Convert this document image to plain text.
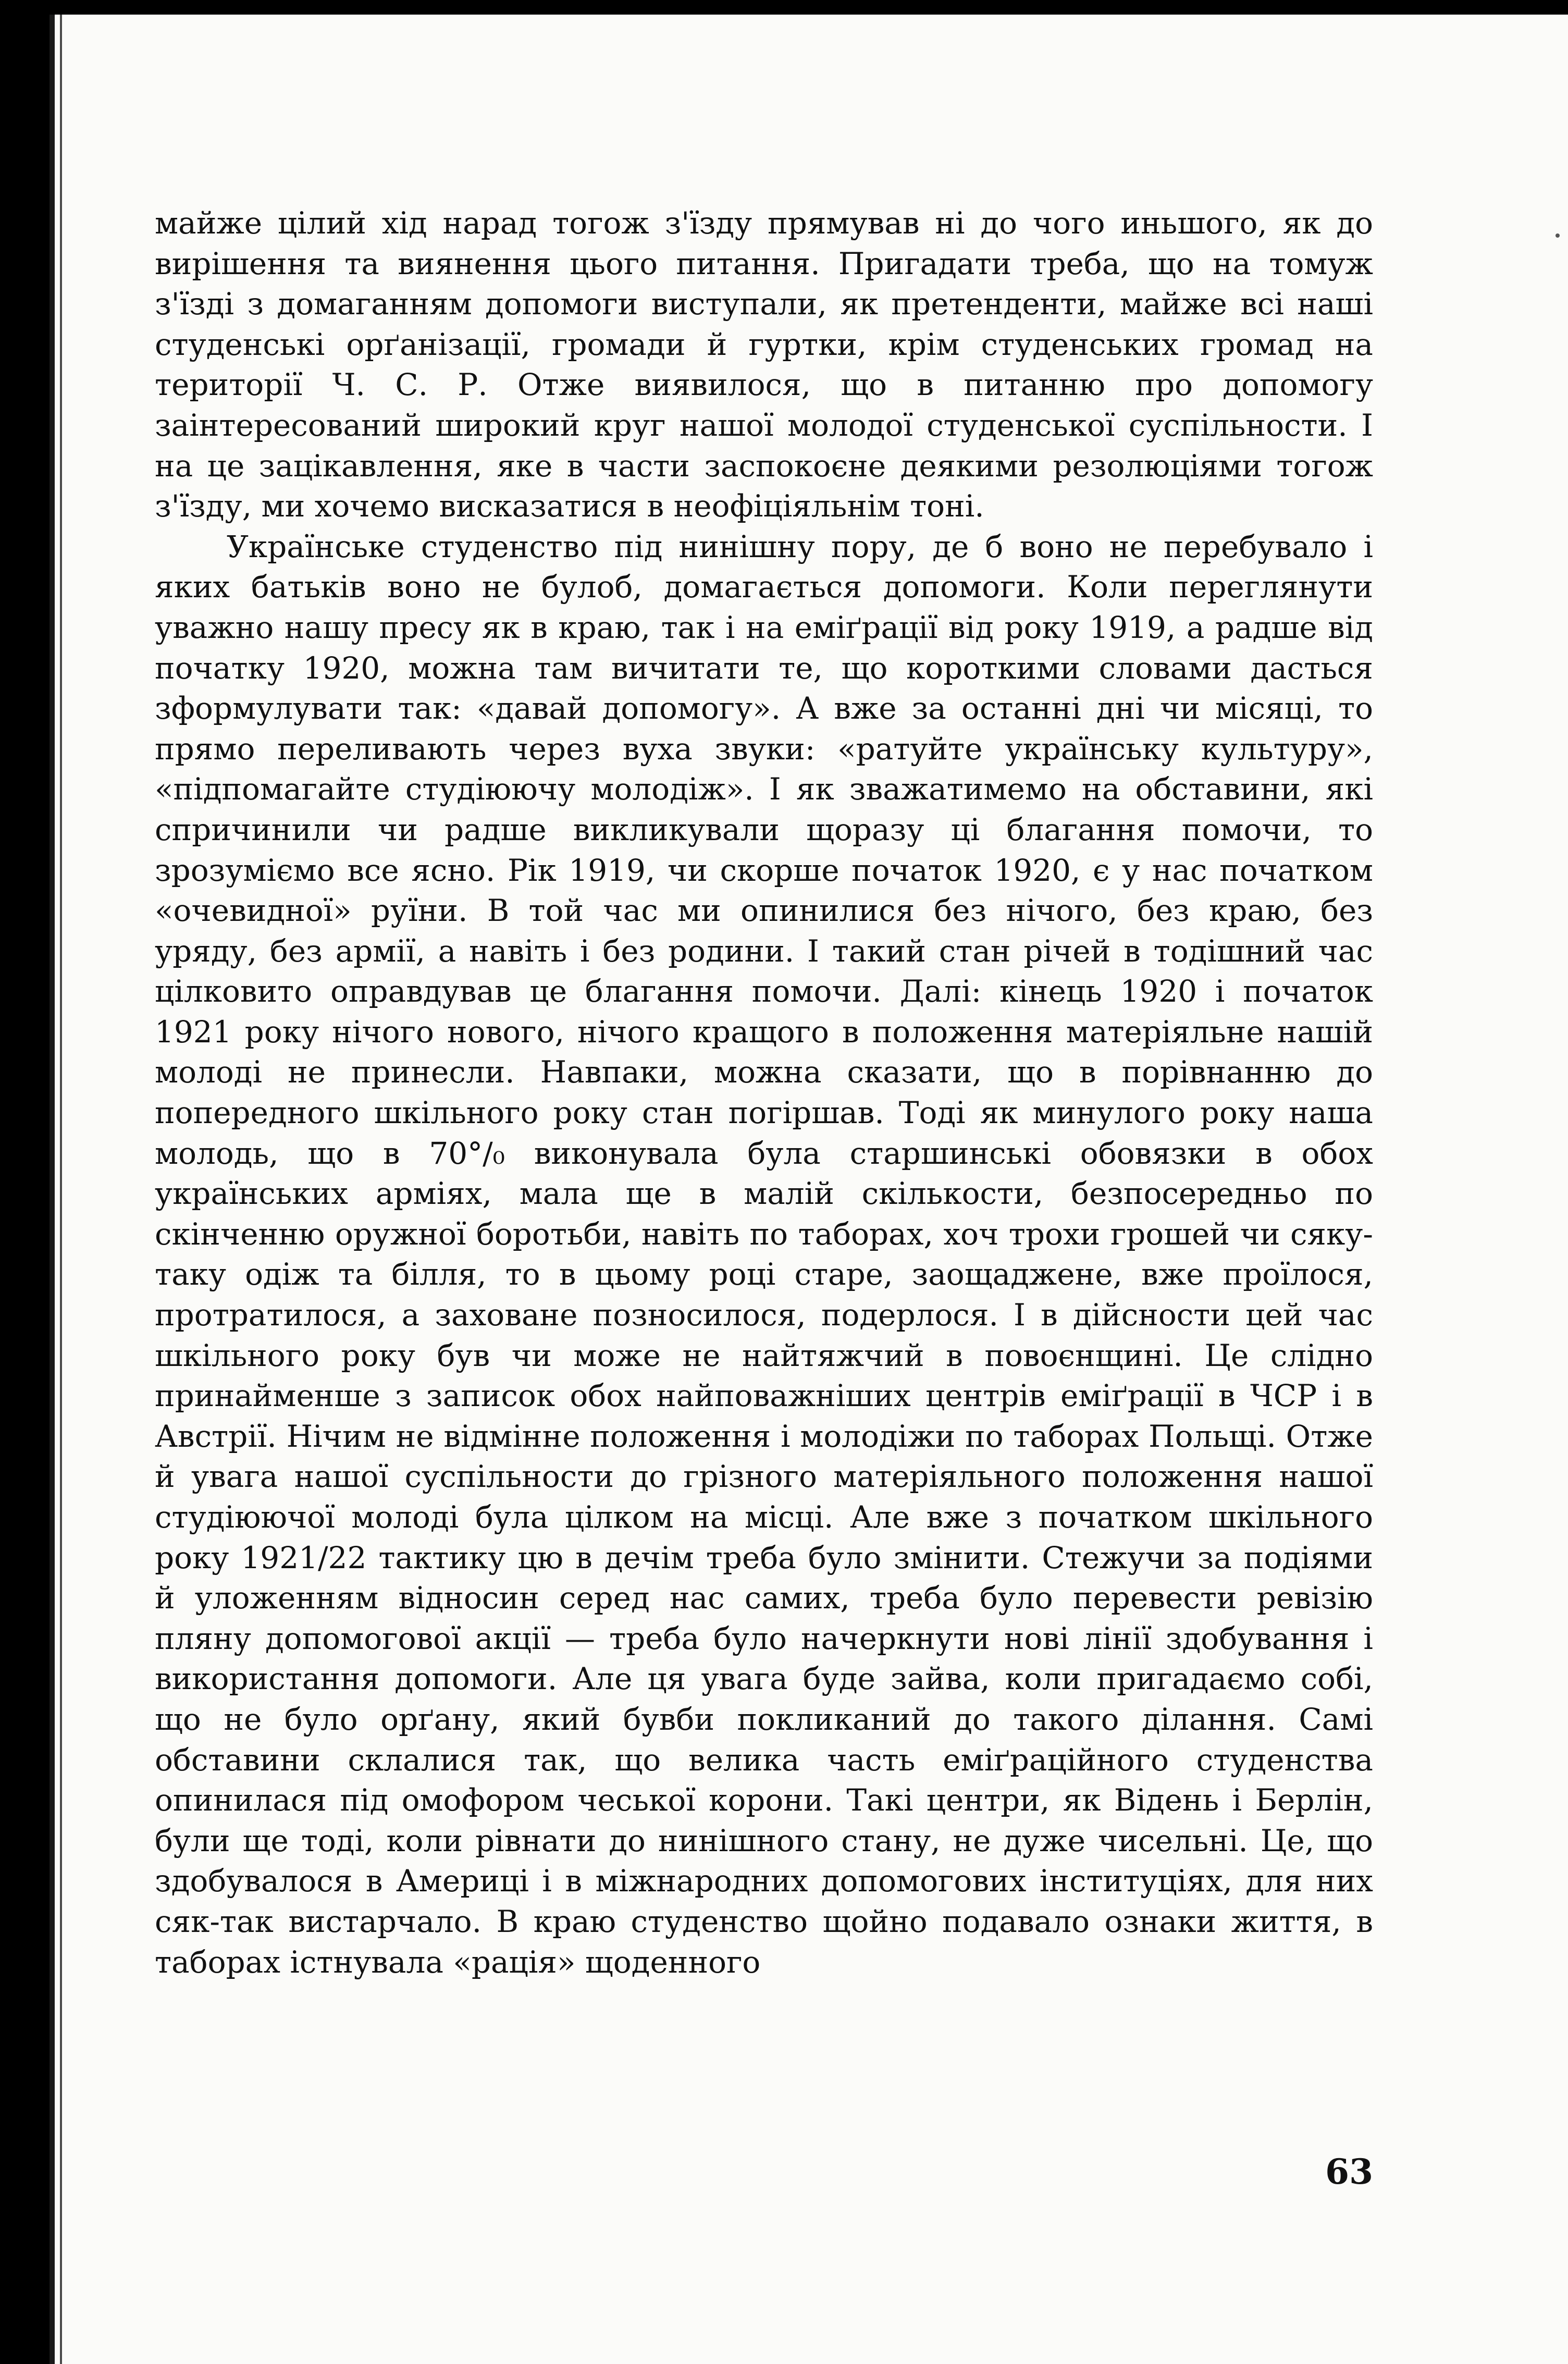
майже цілий хід нарад тогож з'їзду прямував ні до чого иньшого, як до вирішення та виянення цього питання. Пригадати треба, що на томуж з'їзді з домаганням допомоги виступали, як претенденти, майже всі наші студенські орґанізації, громади й гуртки, крім студенських громад на території Ч. С. Р. Отже виявилося, що в питанню про допомогу заінтересований широкий круг нашої молодої студенської суспільности. І на це зацікавлення, яке в части заспокоєне деякими резолюціями тогож з'їзду, ми хочемо висказатися в неофіціяльнім тоні.

Українське студенство під нинішну пору, де б воно не перебувало і яких батьків воно не булоб, домагається допомоги. Коли переглянути уважно нашу пресу як в краю, так і на еміґрації від року 1919, а радше від початку 1920, можна там вичитати те, що короткими словами дасться зформулувати так: «давай допомогу». А вже за останні дні чи місяці, то прямо переливають через вуха звуки: «ратуйте українську культуру», «підпомагайте студіюючу молодіж». І як зважатимемо на обставини, які спричинили чи радше викликували щоразу ці благання помочи, то зрозуміємо все ясно. Рік 1919, чи скорше початок 1920, є у нас початком «очевидної» руїни. В той час ми опинилися без нічого, без краю, без уряду, без армії, а навіть і без родини. І такий стан річей в тодішний час цілковито оправдував це благання помочи. Далі: кінець 1920 і початок 1921 року нічого нового, нічого кращого в положення матеріяльне нашій молоді не принесли. Навпаки, можна сказати, що в порівнанню до попередного шкільного року стан погіршав. Тоді як минулого року наша молодь, що в 70°/₀ виконувала була старшинські обовязки в обох українських арміях, мала ще в малій скількости, безпосередньо по скінченню оружної боротьби, навіть по таборах, хоч трохи грошей чи сяку-таку одіж та білля, то в цьому році старе, заощаджене, вже проїлося, протратилося, а заховане позносилося, подерлося. І в дійсности цей час шкільного року був чи може не найтяжчий в повоєнщині. Це слідно принайменше з записок обох найповажніших центрів еміґрації в ЧСР і в Австрії. Нічим не відмінне положення і молодіжи по таборах Польщі. Отже й увага нашої суспільности до грізного матеріяльного положення нашої студіюючої молоді була цілком на місці. Але вже з початком шкільного року 1921/22 тактику цю в дечім треба було змінити. Стежучи за подіями й уложенням відносин серед нас самих, треба було перевести ревізію пляну допомогової акції — треба було начеркнути нові лінії здобування і використання допомоги. Але ця увага буде зайва, коли пригадаємо собі, що не було орґану, який бувби покликаний до такого ділання. Самі обставини склалися так, що велика часть еміґраційного студенства опинилася під омофором чеської корони. Такі центри, як Відень і Берлін, були ще тоді, коли рівнати до нинішного стану, не дуже чисельні. Це, що здобувалося в Америці і в міжнародних допомогових інституціях, для них сяк-так вистарчало. В краю студенство щойно подавало ознаки життя, в таборах істнувала «рація» щоденного

63
